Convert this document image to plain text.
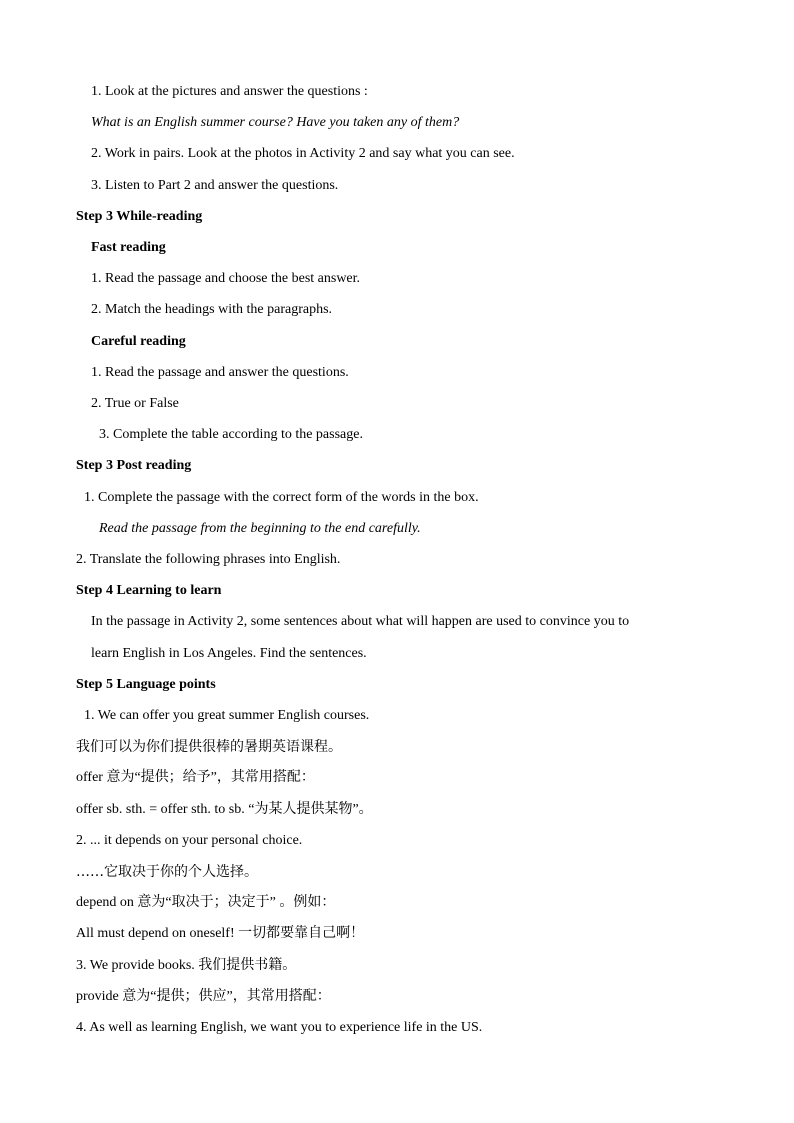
1. Look at the pictures and answer the questions :
What is an English summer course? Have you taken any of them?
2. Work in pairs. Look at the photos in Activity 2 and say what you can see.
3. Listen to Part 2 and answer the questions.
Step 3 While-reading
Fast reading
1. Read the passage and choose the best answer.
2. Match the headings with the paragraphs.
Careful reading
1. Read the passage and answer the questions.
2. True or False
3. Complete the table according to the passage.
Step 3 Post reading
1. Complete the passage with the correct form of the words in the box.
Read the passage from the beginning to the end carefully.
2. Translate the following phrases into English.
Step 4 Learning to learn
In the passage in Activity 2, some sentences about what will happen are used to convince you to
learn English in Los Angeles. Find the sentences.
Step 5 Language points
1. We can offer you great summer English courses.
我们可以为你们提供很棒的暑期英语课程。
offer 意为“提供；给予”，其常用搭配：
offer sb. sth. = offer sth. to sb. “为某人提供某物”。
2. ... it depends on your personal choice.
……它取决于你的个人选择。
depend on 意为“取决于；决定于” 。例如：
All must depend on oneself! 一切都要靠自己啊！
3. We provide books. 我们提供书籍。
provide 意为“提供；供应”，其常用搭配：
4. As well as learning English, we want you to experience life in the US.
